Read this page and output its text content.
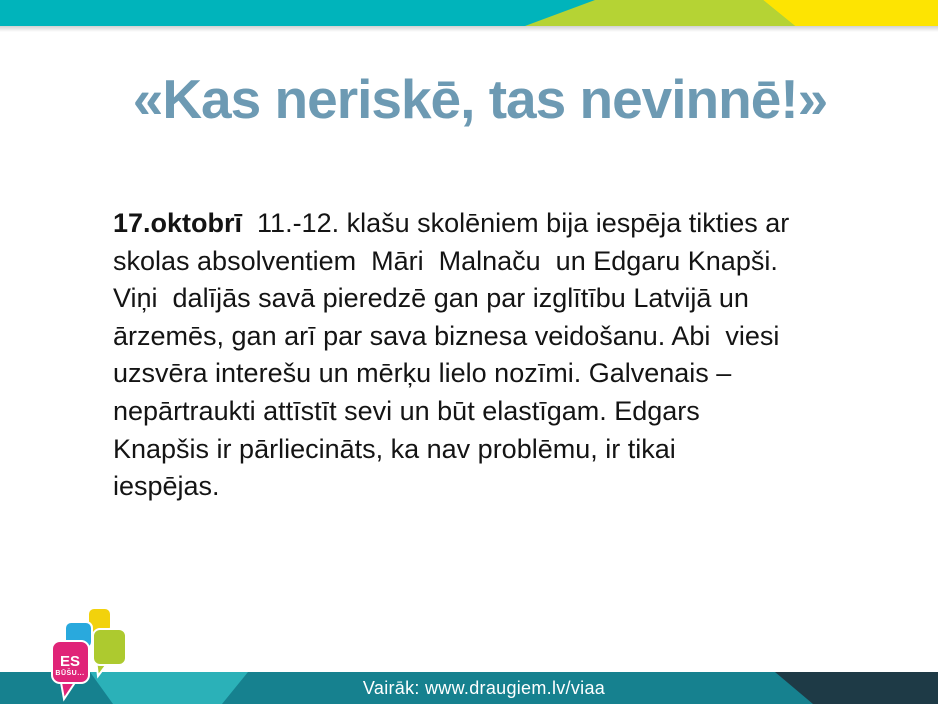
«Kas neriskē, tas nevinnē!»
17.oktobrī  11.-12. klašu skolēniem bija iespēja tikties ar
skolas absolventiem  Māri  Malnaču  un Edgaru Knapši.
Viņi  dalījās savā pieredzē gan par izglītību Latvijā un
ārzemēs, gan arī par sava biznesa veidošanu. Abi  viesi
uzsvēra interešu un mērķu lielo nozīmi. Galvenais –
nepārtraukti attīstīt sevi un būt elastīgam. Edgars
Knapšis ir pārliecināts, ka nav problēmu, ir tikai
iespējas.
ES
BŪŠU...
Vairāk: www.draugiem.lv/viaa
